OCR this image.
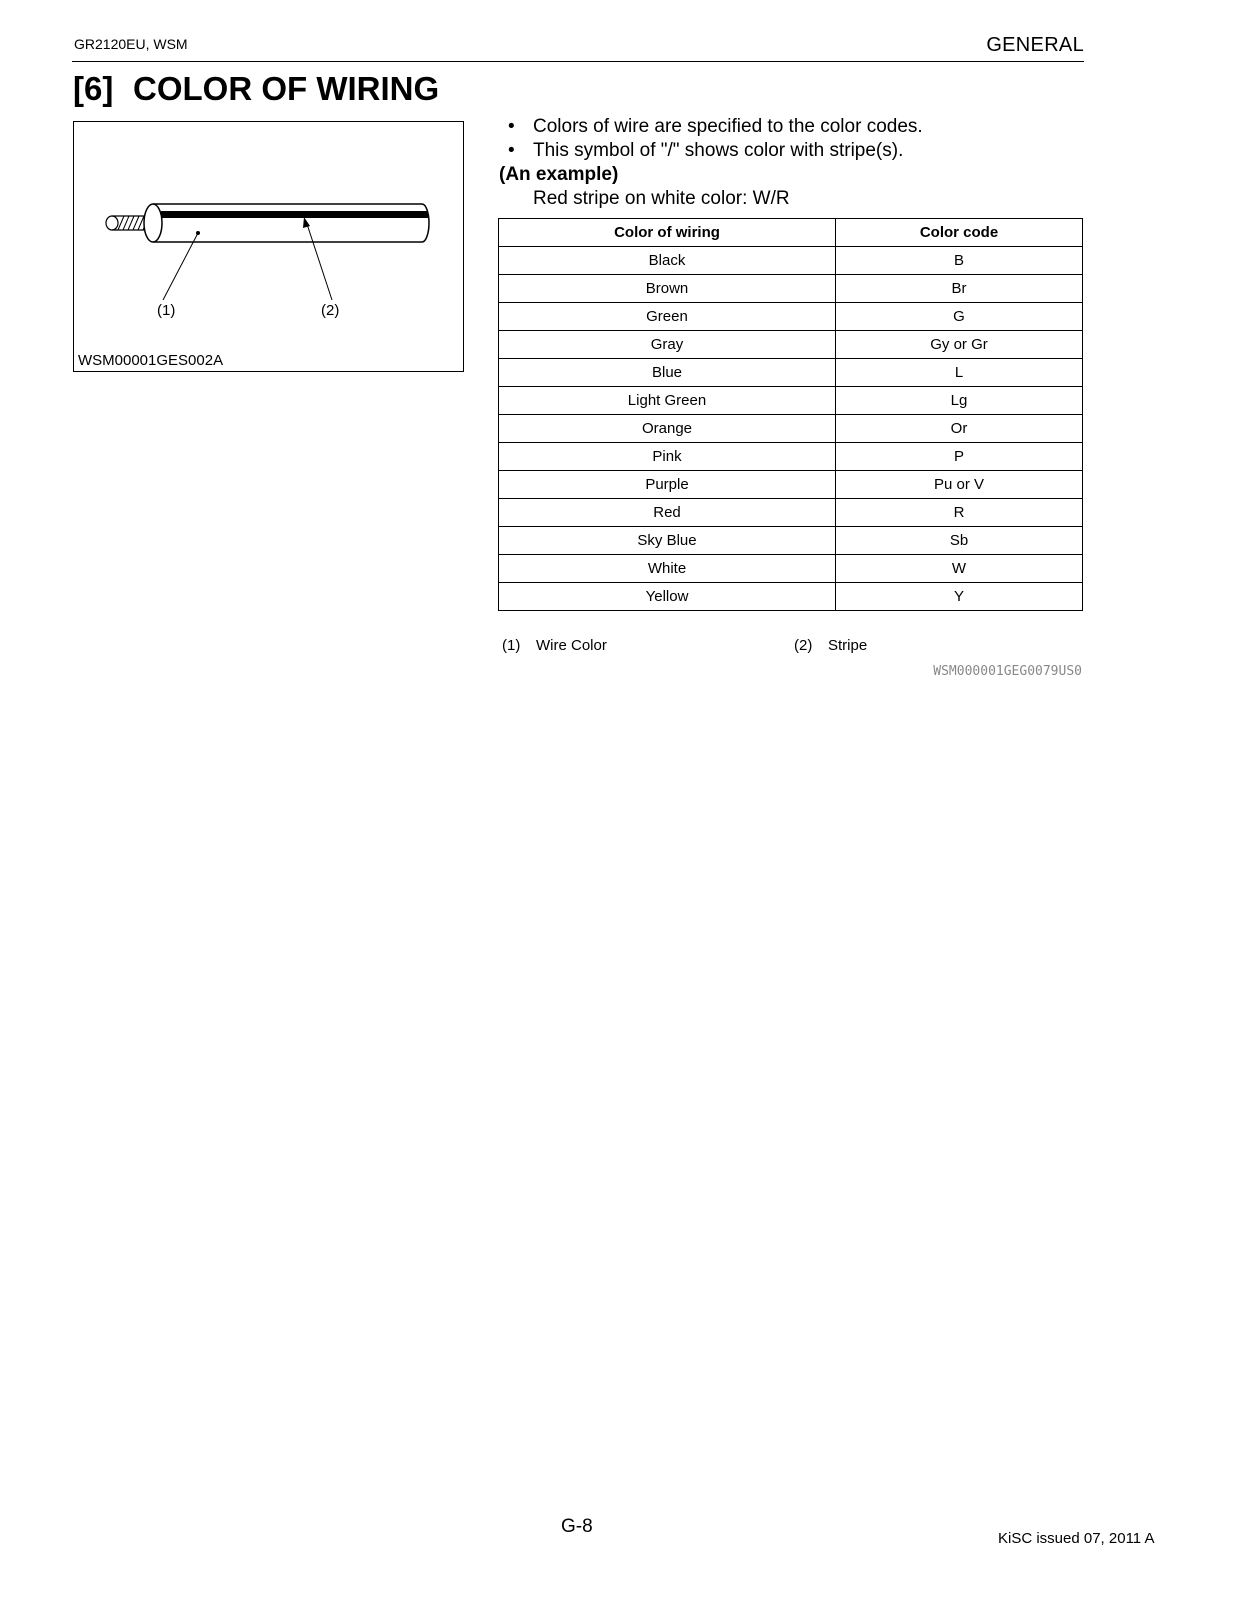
GR2120EU, WSM	GENERAL
[6] COLOR OF WIRING
(1)	(2)
WSM00001GES002A
• Colors of wire are specified to the color codes.
• This symbol of "/" shows color with stripe(s).
(An example)
Red stripe on white color: W/R
Color of wiring	Color code
Black	B
Brown	Br
Green	G
Gray	Gy or Gr
Blue	L
Light Green	Lg
Orange	Or
Pink	P
Purple	Pu or V
Red	R
Sky Blue	Sb
White	W
Yellow	Y
(1) Wire Color	(2) Stripe
WSM000001GEG0079US0
G-8
KiSC issued 07, 2011 A
